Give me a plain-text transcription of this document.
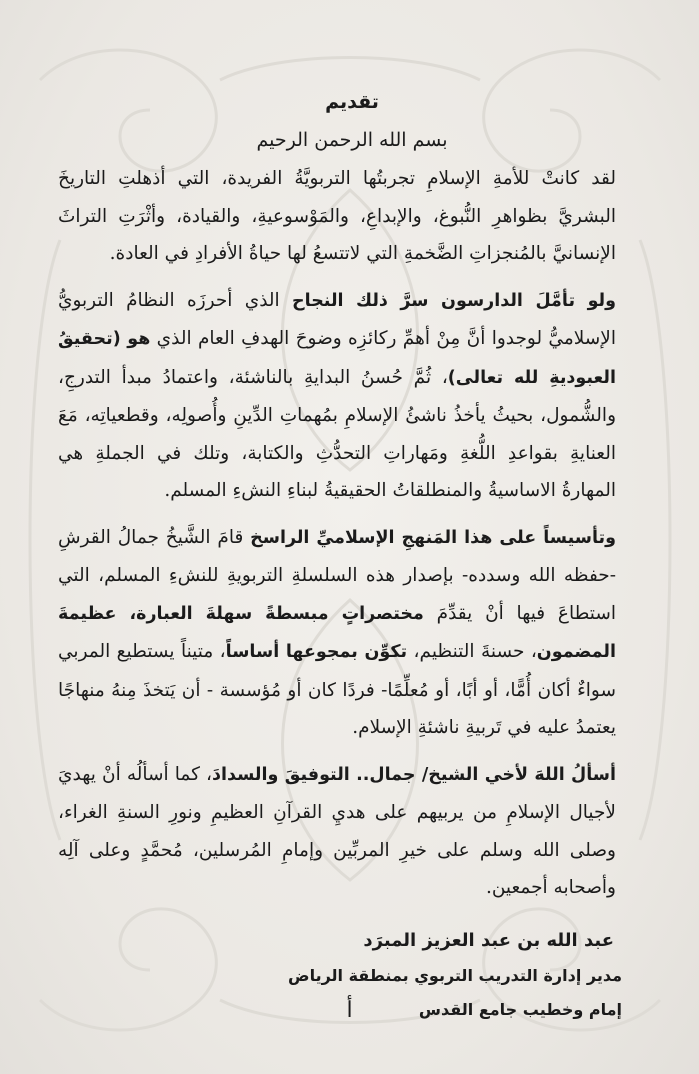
تقديم
بسم الله الرحمن الرحيم

لقد كانتْ للأمةِ الإسلامِ تجربتُها التربويَّةُ الفريدة، التي أذهلتِ التاريخَ البشريَّ بظواهرِ النُّبوغ، والإبداعِ، والمَوْسوعيةِ، والقيادة، وأثْرَتِ التراثَ الإنسانيَّ بالمُنجزاتِ الضَّخمةِ التي لاتتسعُ لها حياةُ الأفرادِ في العادة.

ولو تأمَّلَ الدارسون سرَّ ذلك النجاح الذي أحرزَه النظامُ التربويُّ الإسلاميُّ لوجدوا أنَّ مِنْ أهمِّ ركائزِه وضوحَ الهدفِ العام الذي هو (تحقيقُ العبوديةِ لله تعالى)، ثُمَّ حُسنُ البدايةِ بالناشئة، واعتمادُ مبدأ التدرجِ، والشُّمول، بحيثُ يأخذُ ناشئُ الإسلامِ بمُهماتِ الدِّينِ وأُصولِه، وقطعياتِه، مَعَ العنايةِ بقواعدِ اللُّغةِ ومَهاراتِ التحدُّثِ والكتابة، وتلك في الجملةِ هي المهارةُ الاساسيةُ والمنطلقاتُ الحقيقيةُ لبناءِ النشءِ المسلم.

وتأسيساً على هذا المَنهجِ الإسلاميِّ الراسخ قامَ الشَّيخُ جمالُ القرشِ -حفظه الله وسدده- بإصدار هذه السلسلةِ التربويةِ للنشءِ المسلم، التي استطاعَ فيها أنْ يقدِّمَ مختصراتٍ مبسطةً سهلةَ العبارة، عظيمةَ المضمون، حسنةَ التنظيم، تكوِّن بمجوعها أساساً، متيناً يستطيع المربي سواءٌ أكان أُمًّا، أو أبًا، أو مُعلِّمًا- فردًا كان أو مُؤسسة - أن يَتخذَ مِنهُ منهاجًا يعتمدُ عليه في تَربيةِ ناشئةِ الإسلام.

أسألُ اللهَ لأخي الشيخ/ جمال.. التوفيقَ والسدادَ، كما أسألُه أنْ يهديَ لأجيال الإسلامِ من يربيهم على هديِ القرآنِ العظيمِ ونورِ السنةِ الغراء، وصلى الله وسلم على خيرِ المربِّين وإمامِ المُرسلين، مُحمَّدٍ وعلى آلِه وأصحابه أجمعين.

عبد الله بن عبد العزيز المبرَد
مدير إدارة التدريب التربوي بمنطقة الرياض
إمام وخطيب جامع القدس
أ
